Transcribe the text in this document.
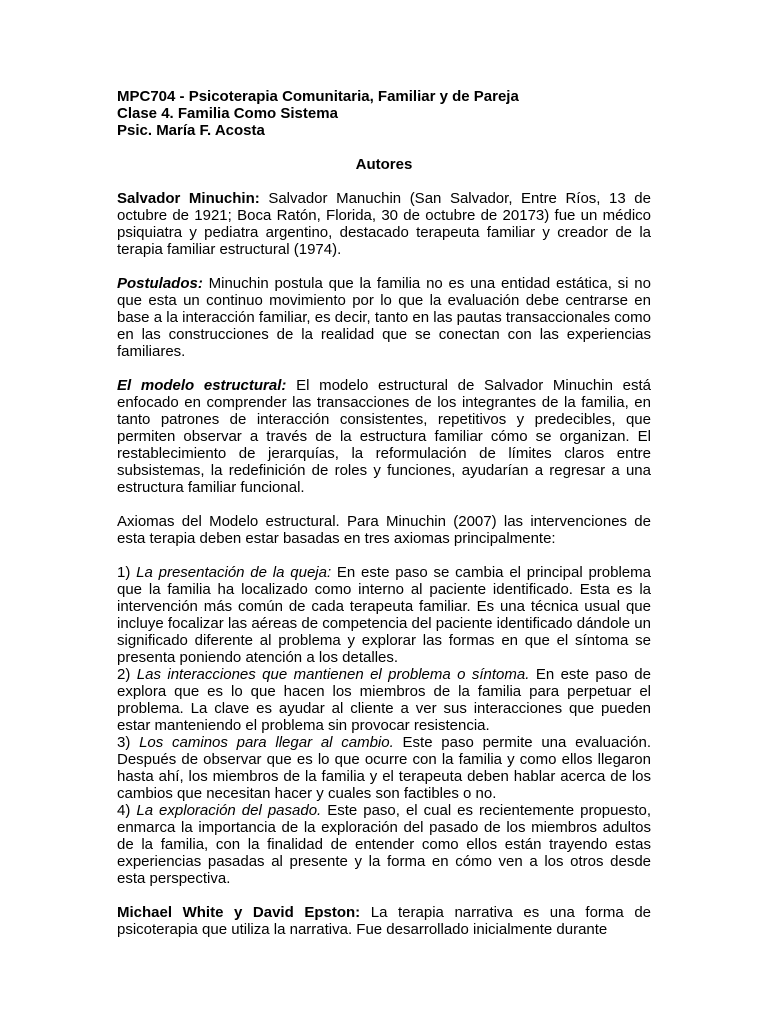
MPC704 - Psicoterapia Comunitaria, Familiar y de Pareja
Clase 4. Familia Como Sistema
Psic. María F. Acosta
Autores

Salvador Minuchin: Salvador Manuchin (San Salvador, Entre Ríos, 13 de octubre de 1921; Boca Ratón, Florida, 30 de octubre de 20173) fue un médico psiquiatra y pediatra argentino, destacado terapeuta familiar y creador de la terapia familiar estructural (1974).

Postulados: Minuchin postula que la familia no es una entidad estática, si no que esta un continuo movimiento por lo que la evaluación debe centrarse en base a la interacción familiar, es decir, tanto en las pautas transaccionales como en las construcciones de la realidad que se conectan con las experiencias familiares.

El modelo estructural: El modelo estructural de Salvador Minuchin está enfocado en comprender las transacciones de los integrantes de la familia, en tanto patrones de interacción consistentes, repetitivos y predecibles, que permiten observar a través de la estructura familiar cómo se organizan. El restablecimiento de jerarquías, la reformulación de límites claros entre subsistemas, la redefinición de roles y funciones, ayudarían a regresar a una estructura familiar funcional.

Axiomas del Modelo estructural. Para Minuchin (2007) las intervenciones de esta terapia deben estar basadas en tres axiomas principalmente:

1) La presentación de la queja: En este paso se cambia el principal problema que la familia ha localizado como interno al paciente identificado. Esta es la intervención más común de cada terapeuta familiar. Es una técnica usual que incluye focalizar las aéreas de competencia del paciente identificado dándole un significado diferente al problema y explorar las formas en que el síntoma se presenta poniendo atención a los detalles.

2) Las interacciones que mantienen el problema o síntoma. En este paso de explora que es lo que hacen los miembros de la familia para perpetuar el problema. La clave es ayudar al cliente a ver sus interacciones que pueden estar manteniendo el problema sin provocar resistencia.

3) Los caminos para llegar al cambio. Este paso permite una evaluación. Después de observar que es lo que ocurre con la familia y como ellos llegaron hasta ahí, los miembros de la familia y el terapeuta deben hablar acerca de los cambios que necesitan hacer y cuales son factibles o no.

4) La exploración del pasado. Este paso, el cual es recientemente propuesto, enmarca la importancia de la exploración del pasado de los miembros adultos de la familia, con la finalidad de entender como ellos están trayendo estas experiencias pasadas al presente y la forma en cómo ven a los otros desde esta perspectiva.

Michael White y David Epston: La terapia narrativa es una forma de psicoterapia que utiliza la narrativa. Fue desarrollado inicialmente durante
